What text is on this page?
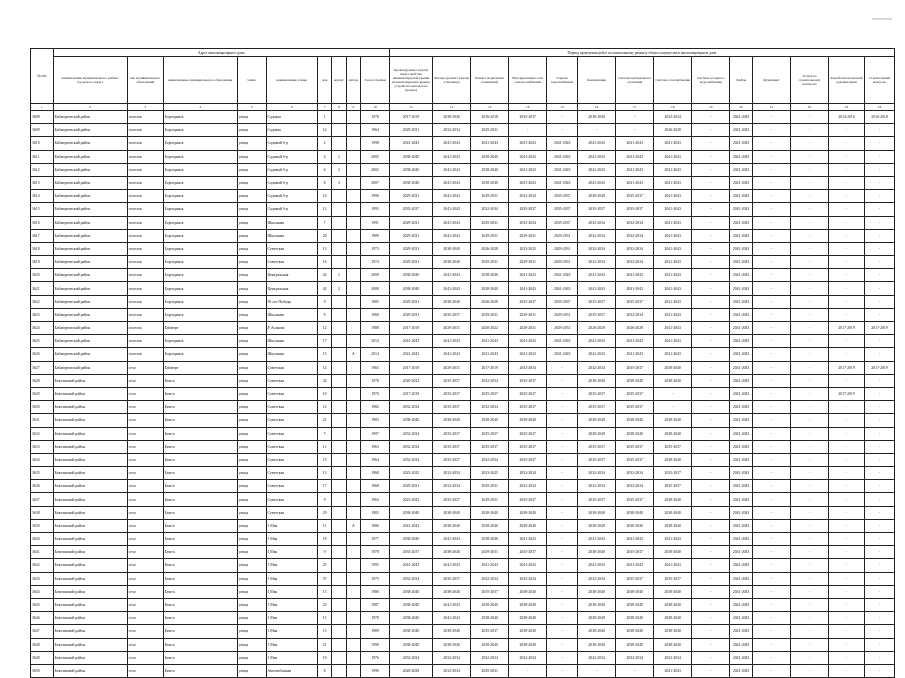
№ п/п	Адрес многоквартирного дома									Период проведения работ по капитальному ремонту общего имущества в многоквартирном доме													
	наименование муниципального района/городского округа	тип муниципального образования	наименование муниципального образования	улица	наименование улицы	дом	корпус	литера	Год постройки	Кровля (ремонт и (или) переустройство невентилируемой крыши на вентилируемую крышу, устройство выходов на кровлю)	Фасады (ремонт и (или) утепление)	Ремонт подвальных помещений	Внутридомовые сети электроснабжения	Горячее водоснабжение	Канализация	Система центрального отопления	Система газоснабжения	Система холодного водоснабжения	Лифты	Фундамент	Услуги по строительному контролю	Разработка проектной документации	Строительный контроль
1	2	3	4	5	6	7	8	9	10	11	12	13	14	15	16	17	18	19	20	21	22	23	24
3608	Бабаюртовский район	поселок	Бороздинск	улица	Садовая	1			1978	2017-2019	2038-2040	2016-2018	2035-2037	-	2038-2040	-	2032-2034	-	2041-2043	-	-	2014-2016	2016-2018
3609	Бабаюртовский район	поселок	Бороздинск	улица	Садовая	12			1964	2029-2031	2032-2034	2029-2031	-	-	-	-	2026-2028	-	2041-2043	-	-	-	-
3610	Бабаюртовский район	поселок	Бороздинск	улица	Садовый б-р	2			1998	2041-2043	2041-2043	2041-2043	2041-2043	2041-2043	2041-2043	2041-2043	2041-2043	-	2041-2043	-	-	-	-
3611	Бабаюртовский район	поселок	Бороздинск	улица	Садовый б-р	4	1		2005	2038-2040	2041-2043	2038-2040	2041-2043	2041-2043	2041-2043	2041-2043	2041-2043	-	2041-2043	-	-	-	-
3612	Бабаюртовский район	поселок	Бороздинск	улица	Садовый б-р	6	2		2002	2038-2040	2041-2043	2038-2040	2041-2043	2041-2043	2041-2043	2041-2043	2041-2043	-	2041-2043	-	-	-	-
3613	Бабаюртовский район	поселок	Бороздинск	улица	Садовый б-р	8	3		2007	2038-2040	2041-2043	2038-2040	2041-2043	2041-2043	2041-2043	2041-2043	2041-2043	-	2041-2043	-	-	-	-
3614	Бабаюртовский район	поселок	Бороздинск	улица	Садовый б-р	10			1990	2029-2031	2041-2043	2029-2031	2032-2034	2035-2037	2038-2040	2035-2037	2041-2043	-	2041-2043	-	-	-	-
3615	Бабаюртовский район	поселок	Бороздинск	улица	Садовый б-р	12			1993	2035-2037	2041-2043	2032-2034	2035-2037	2035-2037	2035-2037	2035-2037	2041-2043	-	2041-2043	-	-	-	-
3616	Бабаюртовский район	поселок	Бороздинск	улица	Школьная	7			1991	2029-2031	2041-2043	2029-2031	2032-2034	2035-2037	2032-2034	2032-2034	2041-2043	-	2041-2043	-	-	-	-
3617	Бабаюртовский район	поселок	Бороздинск	улица	Школьная	20			1989	2029-2031	2041-2043	2029-2031	2029-2031	2029-2031	2032-2034	2032-2034	2041-2043	-	2041-2043	-	-	-	-
3618	Бабаюртовский район	поселок	Бороздинск	улица	Советская	13			1973	2029-2031	2038-2040	2026-2028	2023-2025	2029-2031	2032-2034	2032-2034	2041-2043	-	2041-2043	-	-	-	-
3619	Бабаюртовский район	поселок	Бороздинск	улица	Советская	16			1974	2029-2031	2038-2040	2029-2031	2029-2031	2029-2031	2032-2034	2032-2034	2041-2043	-	2041-2043	-	-	-	-
3620	Бабаюртовский район	поселок	Бороздинск	улица	Центральная	42	1		2008	2038-2040	2041-2043	2038-2040	2041-2043	2041-2043	2041-2043	2041-2043	2041-2043	-	2041-2043	-	-	-	-
3621	Бабаюртовский район	поселок	Бороздинск	улица	Центральная	42	2		2008	2038-2040	2041-2043	2038-2040	2041-2043	2041-2043	2041-2043	2041-2043	2041-2043	-	2041-2043	-	-	-	-
3622	Бабаюртовский район	поселок	Бороздинск	улица	50 лет Победы	9			1985	2029-2031	2038-2040	2026-2028	2035-2037	2035-2037	2035-2037	2035-2037	2041-2043	-	2041-2043	-	-	-	-
3623	Бабаюртовский район	поселок	Бороздинск	улица	Школьная	9			1968	2029-2031	2035-2037	2029-2031	2029-2031	2029-2031	2035-2037	2032-2034	2041-2043	-	2041-2043	-	-	-	-
3624	Бабаюртовский район	поселок	Бабаюрт	улица	Р. Асанова	12			1988	2017-2019	2029-2031	2020-2022	2029-2031	2029-2031	2026-2028	2026-2028	2041-2043	-	2041-2043	-	-	2017-2019	2017-2019
3625	Бабаюртовский район	поселок	Бороздинск	улица	Школьная	17			2014	2041-2043	2041-2043	2041-2043	2041-2043	2041-2043	2041-2043	2041-2043	2041-2043	-	2041-2043	-	-	-	-
3626	Бабаюртовский район	поселок	Бороздинск	улица	Школьная	15		А	2014	2041-2043	2041-2043	2041-2043	2041-2043	2041-2043	2041-2043	2041-2043	2041-2043	-	2041-2043	-	-	-	-
3627	Бабаюртовский район	село	Бабаюрт	улица	Советская	14			1965	2017-2019	2029-2031	2017-2019	2032-2034	-	2032-2034	2035-2037	2038-2040	-	2041-2043	-	-	2017-2019	2017-2019
3628	Бежтинский район	село	Бежта	улица	Советская	42			1978	2020-2022	2035-2037	2032-2034	2035-2037	-	2038-2040	2038-2040	2038-2040	-	2041-2043	-	-	-	-
3629	Бежтинский район	село	Бежта	улица	Советская	10			1970	2017-2019	2035-2037	2035-2037	2035-2037	-	2035-2037	2035-2037	-	-	2041-2043	-	-	2017-2019	-
3630	Бежтинский район	село	Бежта	улица	Советская	12			1982	2032-2034	2035-2037	2032-2034	2035-2037	-	2035-2037	2035-2037	-	-	2041-2043	-	-	-	-
3631	Бежтинский район	село	Бежта	улица	Советская	21			1983	2038-2040	2038-2040	2038-2040	2038-2040	-	2038-2040	2038-2040	2038-2040	-	2041-2043	-	-	-	-
3632	Бежтинский район	село	Бежта	улица	Советская	7			1997	2032-2034	2035-2037	2035-2037	2035-2037	-	2038-2040	2038-2040	2038-2040	-	2041-2043	-	-	-	-
3633	Бежтинский район	село	Бежта	улица	Советская	11			1963	2032-2034	2035-2037	2035-2037	2035-2037	-	2035-2037	2035-2037	2035-2037	-	2041-2043	-	-	-	-
3634	Бежтинский район	село	Бежта	улица	Советская	15			1964	2032-2034	2035-2037	2032-2034	2035-2037	-	2035-2037	2035-2037	2038-2040	-	2041-2043	-	-	-	-
3635	Бежтинский район	село	Бежта	улица	Советская	13			1968	2023-2025	2032-2034	2023-2025	2032-2034	-	2032-2034	2032-2034	2035-2037	-	2041-2043	-	-	-	-
3636	Бежтинский район	село	Бежта	улица	Советская	17			1968	2029-2031	2032-2034	2029-2031	2032-2034	-	2032-2034	2032-2034	2035-2037	-	2041-2043	-	-	-	-
3637	Бежтинский район	село	Бежта	улица	Советская	9			1963	2023-2025	2035-2037	2029-2031	2035-2037	-	2035-2037	2035-2037	2038-2040	-	2041-2043	-	-	-	-
3638	Бежтинский район	село	Бежта	улица	Советская	29			1983	2038-2040	2038-2040	2038-2040	2038-2040	-	2038-2040	2038-2040	2038-2040	-	2041-2043	-	-	-	-
3639	Бежтинский район	село	Бежта	улица	1 Мая	11		А	1986	2041-2043	2038-2040	2038-2040	2038-2040	-	2038-2040	2038-2040	2038-2040	-	2041-2043	-	-	-	-
3640	Бежтинский район	село	Бежта	улица	1 Мая	18			1977	2038-2040	2041-2043	2038-2040	2041-2043	-	2041-2043	2041-2043	2041-2043	-	2041-2043	-	-	-	-
3641	Бежтинский район	село	Бежта	улица	1 Мая	9			1978	2035-2037	2038-2040	2029-2031	2035-2037	-	2038-2040	2035-2037	2038-2040	-	2041-2043	-	-	-	-
3642	Бежтинский район	село	Бежта	улица	1 Мая	25			1995	2041-2043	2041-2043	2041-2043	2041-2043	-	2041-2043	2041-2043	2041-2043	-	2041-2043	-	-	-	-
3643	Бежтинский район	село	Бежта	улица	1 Мая	37			1975	2032-2034	2035-2037	2032-2034	2032-2034	-	2032-2034	2035-2037	2035-2037	-	2041-2043	-	-	-	-
3644	Бежтинский район	село	Бежта	улица	1 Мая	13			1980	2038-2040	2038-2040	2035-2037	2038-2040	-	2038-2040	2038-2040	2038-2040	-	2041-2043	-	-	-	-
3645	Бежтинский район	село	Бежта	улица	1 Мая	23			1987	2038-2040	2041-2043	2038-2040	2038-2040	-	2038-2040	2038-2040	2038-2040	-	2041-2043	-	-	-	-
3646	Бежтинский район	село	Бежта	улица	1 Мая	11			1978	2038-2040	2041-2043	2038-2040	2038-2040	-	2038-2040	2038-2040	2038-2040	-	2041-2043	-	-	-	-
3647	Бежтинский район	село	Бежта	улица	1 Мая	15			1989	2038-2040	2038-2040	2035-2037	2038-2040	-	2038-2040	2038-2040	2038-2040	-	2041-2043	-	-	-	-
3648	Бежтинский район	село	Бежта	улица	1 Мая	21			1990	2038-2040	2038-2040	2038-2040	2038-2040	-	2038-2040	2038-2040	2038-2040	-	2041-2043	-	-	-	-
3649	Бежтинский район	село	Бежта	улица	1 Мая	19			1976	2032-2034	2032-2034	2032-2034	2032-2034	-	2032-2034	2032-2034	2032-2034	-	2041-2043	-	-	-	-
3650	Бежтинский район	село	Бежта	улица	Автомобилная	8			1996	2026-2028	2032-2034	2029-2031	-	-	-	-	2041-2043	-	2041-2043	-	-	-	-
